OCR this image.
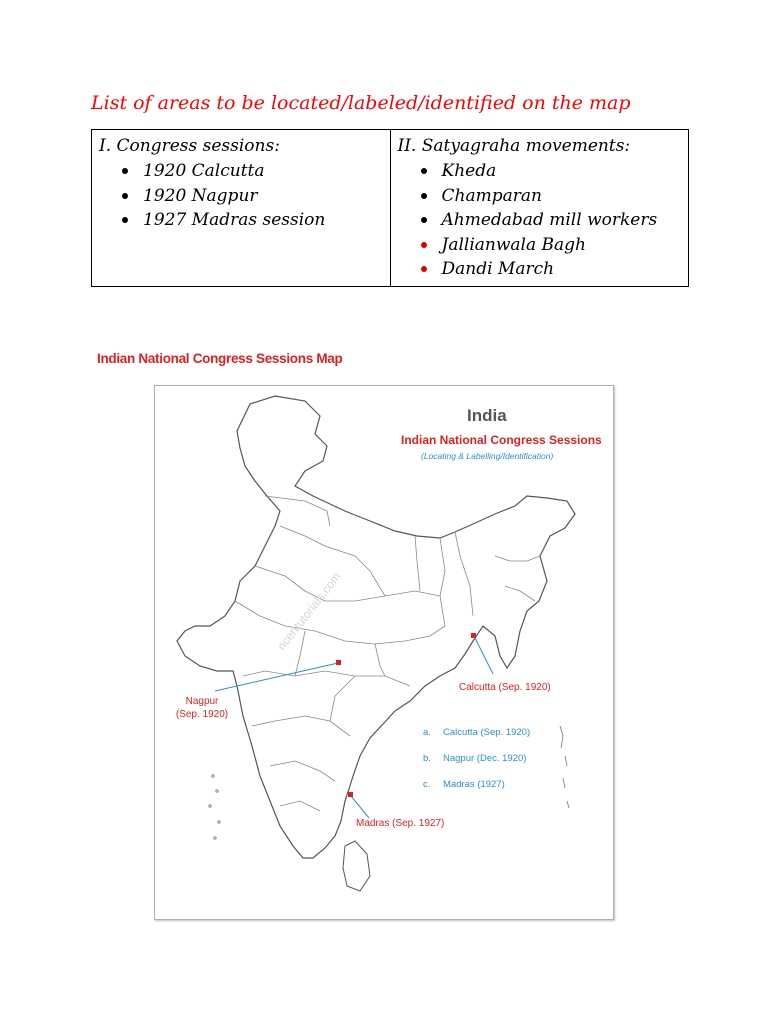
List of areas to be located/labeled/identified on the map
I. Congress sessions:
1920 Calcutta
1920 Nagpur
1927 Madras session

II. Satyagraha movements:
Kheda
Champaran
Ahmedabad mill workers
Jallianwala Bagh
Dandi March
Indian National Congress Sessions Map
ncerttutorials.com
India
Indian National Congress Sessions
(Locating & Labelling/Identification)
Calcutta (Sep. 1920)
Nagpur
(Sep. 1920)
Madras (Sep. 1927)
a. Calcutta (Sep. 1920)
b. Nagpur (Dec. 1920)
c. Madras (1927)
